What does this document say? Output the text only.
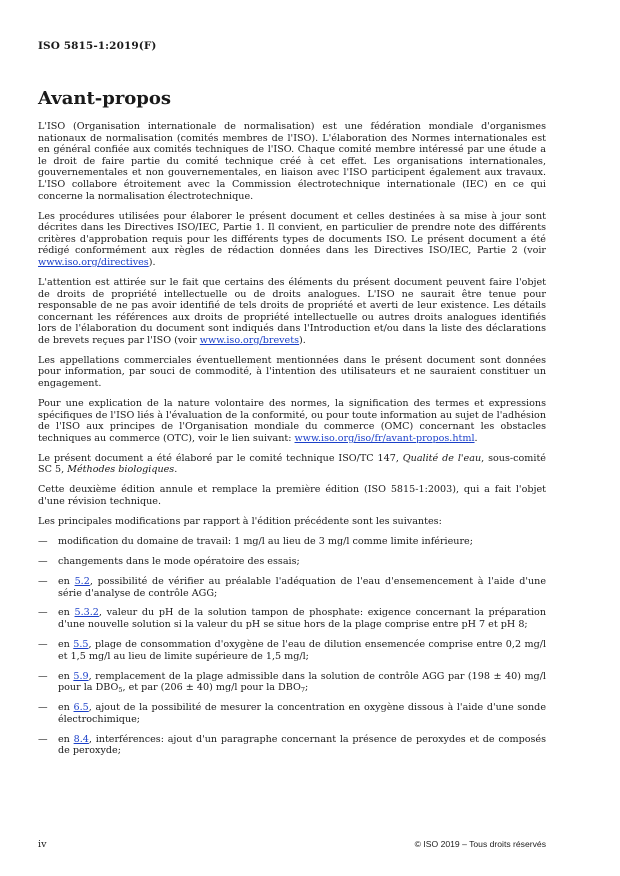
ISO 5815-1:2019(F)
Avant-propos

L'ISO (Organisation internationale de normalisation) est une fédération mondiale d'organismes nationaux de normalisation (comités membres de l'ISO). L'élaboration des Normes internationales est en général confiée aux comités techniques de l'ISO. Chaque comité membre intéressé par une étude a le droit de faire partie du comité technique créé à cet effet. Les organisations internationales, gouvernementales et non gouvernementales, en liaison avec l'ISO participent également aux travaux. L'ISO collabore étroitement avec la Commission électrotechnique internationale (IEC) en ce qui concerne la normalisation électrotechnique.

Les procédures utilisées pour élaborer le présent document et celles destinées à sa mise à jour sont décrites dans les Directives ISO/IEC, Partie 1. Il convient, en particulier de prendre note des différents critères d'approbation requis pour les différents types de documents ISO. Le présent document a été rédigé conformément aux règles de rédaction données dans les Directives ISO/IEC, Partie 2 (voir www.iso.org/directives).

L'attention est attirée sur le fait que certains des éléments du présent document peuvent faire l'objet de droits de propriété intellectuelle ou de droits analogues. L'ISO ne saurait être tenue pour responsable de ne pas avoir identifié de tels droits de propriété et averti de leur existence. Les détails concernant les références aux droits de propriété intellectuelle ou autres droits analogues identifiés lors de l'élaboration du document sont indiqués dans l'Introduction et/ou dans la liste des déclarations de brevets reçues par l'ISO (voir www.iso.org/brevets).

Les appellations commerciales éventuellement mentionnées dans le présent document sont données pour information, par souci de commodité, à l'intention des utilisateurs et ne sauraient constituer un engagement.

Pour une explication de la nature volontaire des normes, la signification des termes et expressions spécifiques de l'ISO liés à l'évaluation de la conformité, ou pour toute information au sujet de l'adhésion de l'ISO aux principes de l'Organisation mondiale du commerce (OMC) concernant les obstacles techniques au commerce (OTC), voir le lien suivant: www.iso.org/iso/fr/avant-propos.html.

Le présent document a été élaboré par le comité technique ISO/TC 147, Qualité de l'eau, sous-comité SC 5, Méthodes biologiques.

Cette deuxième édition annule et remplace la première édition (ISO 5815-1:2003), qui a fait l'objet d'une révision technique.

Les principales modifications par rapport à l'édition précédente sont les suivantes:

— modification du domaine de travail: 1 mg/l au lieu de 3 mg/l comme limite inférieure;
— changements dans le mode opératoire des essais;
— en 5.2, possibilité de vérifier au préalable l'adéquation de l'eau d'ensemencement à l'aide d'une série d'analyse de contrôle AGG;
— en 5.3.2, valeur du pH de la solution tampon de phosphate: exigence concernant la préparation d'une nouvelle solution si la valeur du pH se situe hors de la plage comprise entre pH 7 et pH 8;
— en 5.5, plage de consommation d'oxygène de l'eau de dilution ensemencée comprise entre 0,2 mg/l et 1,5 mg/l au lieu de limite supérieure de 1,5 mg/l;
— en 5.9, remplacement de la plage admissible dans la solution de contrôle AGG par (198 ± 40) mg/l pour la $DBO_5$, et par (206 ± 40) mg/l pour la $DBO_7$;
— en 6.5, ajout de la possibilité de mesurer la concentration en oxygène dissous à l'aide d'une sonde électrochimique;
— en 8.4, interférences: ajout d'un paragraphe concernant la présence de peroxydes et de composés de peroxyde;
iv	© ISO 2019 – Tous droits réservés
